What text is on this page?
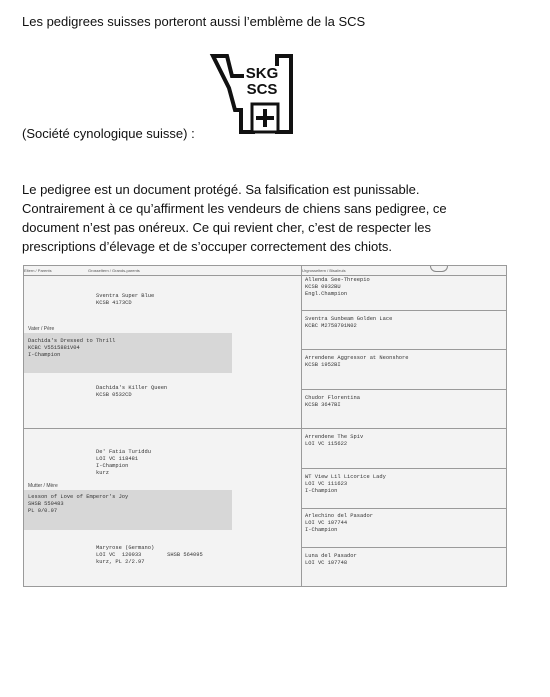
Les pedigrees suisses porteront aussi l’emblème de la SCS

SKG
SCS

(Société cynologique suisse) :

Le pedigree est un document protégé. Sa falsification est punissable.
Contrairement à ce qu’affirment les vendeurs de chiens sans pedigree, ce
document n’est pas onéreux. Ce qui revient cher, c’est de respecter les
prescriptions d’élevage et de s’occuper correctement des chiots.
Eltern / Parents	Grosseltern / Grands-parents	Urgrosseltern / Bisaïeuls
Vater / Père
Dachida's Dressed to Thrill
KCBC V5515881V04
I-Champion
Mutter / Mère
Lesson of Love of Emperor's Joy
SHSB 550483
PL 0/0.97
Sventra Super Blue
KCSB 4173CD
Dachida's Killer Queen
KCSB 0532CD
De' Fatia Turiddu
LOI VC 118481
I-Champion
kurz
Maryrose (Germano)
LOI VC  120933        SHSB 564095
kurz, PL 2/2.97
Allenda See-Threepio
KCSB 0932BU
Engl.Champion
Sventra Sunbeam Golden Lace
KCBC M2758701N02
Arrendene Aggressor at Neonshore
KCSB 1952BI
Chudor Florentina
KCSB 3647BI
Arrendene The Spiv
LOI VC 115622
WT View Lil Licorice Lady
LOI VC 111623
I-Champion
Arlechino del Pasador
LOI VC 107744
I-Champion
Luna del Pasador
LOI VC 107748
